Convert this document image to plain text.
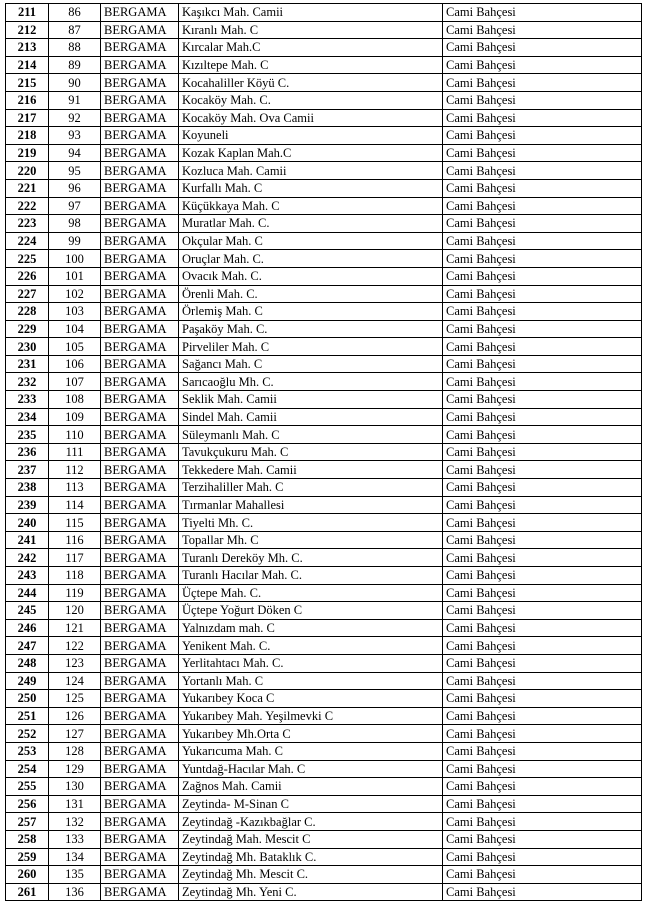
211	86	BERGAMA	Kaşıkcı Mah. Camii	Cami Bahçesi
212	87	BERGAMA	Kıranlı Mah. C	Cami Bahçesi
213	88	BERGAMA	Kırcalar Mah.C	Cami Bahçesi
214	89	BERGAMA	Kızıltepe Mah. C	Cami Bahçesi
215	90	BERGAMA	Kocahaliller Köyü C.	Cami Bahçesi
216	91	BERGAMA	Kocaköy Mah. C.	Cami Bahçesi
217	92	BERGAMA	Kocaköy Mah. Ova Camii	Cami Bahçesi
218	93	BERGAMA	Koyuneli	Cami Bahçesi
219	94	BERGAMA	Kozak Kaplan Mah.C	Cami Bahçesi
220	95	BERGAMA	Kozluca Mah. Camii	Cami Bahçesi
221	96	BERGAMA	Kurfallı Mah. C	Cami Bahçesi
222	97	BERGAMA	Küçükkaya Mah. C	Cami Bahçesi
223	98	BERGAMA	Muratlar Mah. C.	Cami Bahçesi
224	99	BERGAMA	Okçular Mah. C	Cami Bahçesi
225	100	BERGAMA	Oruçlar Mah. C.	Cami Bahçesi
226	101	BERGAMA	Ovacık Mah. C.	Cami Bahçesi
227	102	BERGAMA	Örenli Mah. C.	Cami Bahçesi
228	103	BERGAMA	Örlemiş Mah. C	Cami Bahçesi
229	104	BERGAMA	Paşaköy Mah. C.	Cami Bahçesi
230	105	BERGAMA	Pirveliler Mah. C	Cami Bahçesi
231	106	BERGAMA	Sağancı Mah. C	Cami Bahçesi
232	107	BERGAMA	Sarıcaoğlu Mh. C.	Cami Bahçesi
233	108	BERGAMA	Seklik Mah. Camii	Cami Bahçesi
234	109	BERGAMA	Sindel Mah. Camii	Cami Bahçesi
235	110	BERGAMA	Süleymanlı Mah. C	Cami Bahçesi
236	111	BERGAMA	Tavukçukuru Mah. C	Cami Bahçesi
237	112	BERGAMA	Tekkedere Mah. Camii	Cami Bahçesi
238	113	BERGAMA	Terzihaliller Mah. C	Cami Bahçesi
239	114	BERGAMA	Tırmanlar Mahallesi	Cami Bahçesi
240	115	BERGAMA	Tiyelti Mh. C.	Cami Bahçesi
241	116	BERGAMA	Topallar Mh. C	Cami Bahçesi
242	117	BERGAMA	Turanlı Dereköy Mh. C.	Cami Bahçesi
243	118	BERGAMA	Turanlı Hacılar Mah. C.	Cami Bahçesi
244	119	BERGAMA	Üçtepe Mah. C.	Cami Bahçesi
245	120	BERGAMA	Üçtepe Yoğurt Döken C	Cami Bahçesi
246	121	BERGAMA	Yalnızdam mah. C	Cami Bahçesi
247	122	BERGAMA	Yenikent Mah. C.	Cami Bahçesi
248	123	BERGAMA	Yerlitahtacı Mah. C.	Cami Bahçesi
249	124	BERGAMA	Yortanlı Mah. C	Cami Bahçesi
250	125	BERGAMA	Yukarıbey Koca C	Cami Bahçesi
251	126	BERGAMA	Yukarıbey Mah. Yeşilmevki C	Cami Bahçesi
252	127	BERGAMA	Yukarıbey Mh.Orta C	Cami Bahçesi
253	128	BERGAMA	Yukarıcuma Mah. C	Cami Bahçesi
254	129	BERGAMA	Yuntdağ-Hacılar Mah. C	Cami Bahçesi
255	130	BERGAMA	Zağnos Mah. Camii	Cami Bahçesi
256	131	BERGAMA	Zeytinda- M-Sinan C	Cami Bahçesi
257	132	BERGAMA	Zeytindağ -Kazıkbağlar C.	Cami Bahçesi
258	133	BERGAMA	Zeytindağ Mah. Mescit C	Cami Bahçesi
259	134	BERGAMA	Zeytindağ Mh. Bataklık C.	Cami Bahçesi
260	135	BERGAMA	Zeytindağ Mh. Mescit C.	Cami Bahçesi
261	136	BERGAMA	Zeytindağ Mh. Yeni C.	Cami Bahçesi
